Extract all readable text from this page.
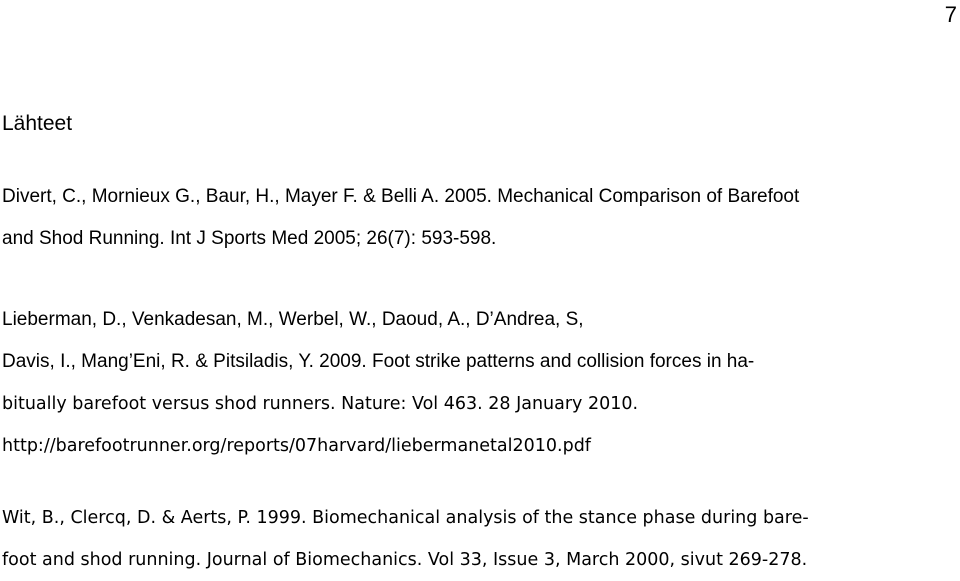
7
Lähteet
Divert, C., Mornieux G., Baur, H., Mayer F. & Belli A. 2005. Mechanical Comparison of Barefoot
and Shod Running. Int J Sports Med 2005; 26(7): 593-598.
Lieberman, D., Venkadesan, M., Werbel, W., Daoud, A., D’Andrea, S,
Davis, I., Mang’Eni, R. & Pitsiladis, Y. 2009. Foot strike patterns and collision forces in ha-
bitually barefoot versus shod runners. Nature: Vol 463. 28 January 2010.
http://barefootrunner.org/reports/07harvard/liebermanetal2010.pdf
Wit, B., Clercq, D. & Aerts, P. 1999. Biomechanical analysis of the stance phase during bare-
foot and shod running. Journal of Biomechanics. Vol 33, Issue 3, March 2000, sivut 269-278.
